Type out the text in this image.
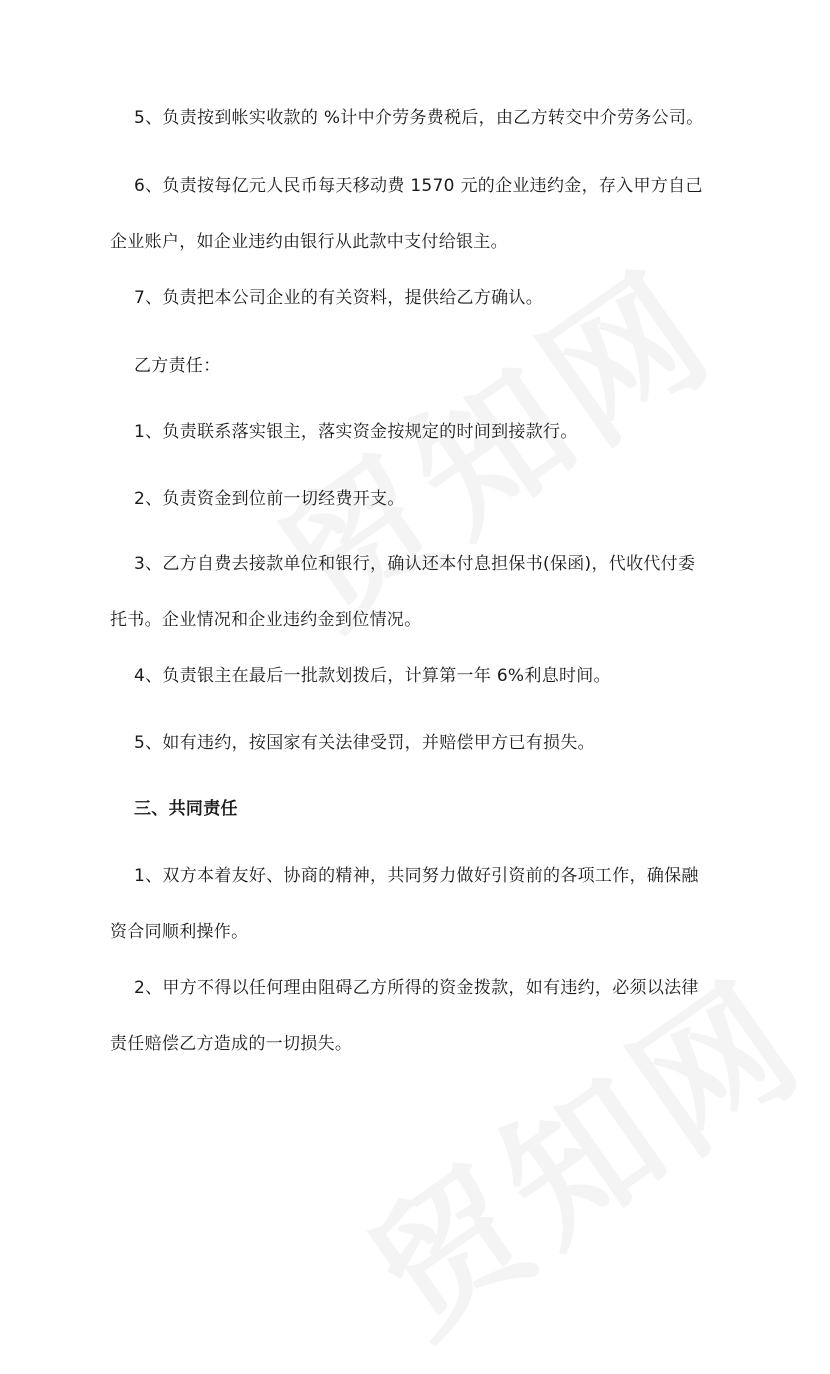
5、负责按到帐实收款的 %计中介劳务费税后，由乙方转交中介劳务公司。

6、负责按每亿元人民币每天移动费 1570 元的企业违约金，存入甲方自己企业账户，如企业违约由银行从此款中支付给银主。

7、负责把本公司企业的有关资料，提供给乙方确认。

乙方责任：

1、负责联系落实银主，落实资金按规定的时间到接款行。

2、负责资金到位前一切经费开支。

3、乙方自费去接款单位和银行，确认还本付息担保书(保函)，代收代付委托书。企业情况和企业违约金到位情况。

4、负责银主在最后一批款划拨后，计算第一年 6%利息时间。

5、如有违约，按国家有关法律受罚，并赔偿甲方已有损失。

三、共同责任

1、双方本着友好、协商的精神，共同努力做好引资前的各项工作，确保融资合同顺利操作。

2、甲方不得以任何理由阻碍乙方所得的资金拨款，如有违约，必须以法律责任赔偿乙方造成的一切损失。
